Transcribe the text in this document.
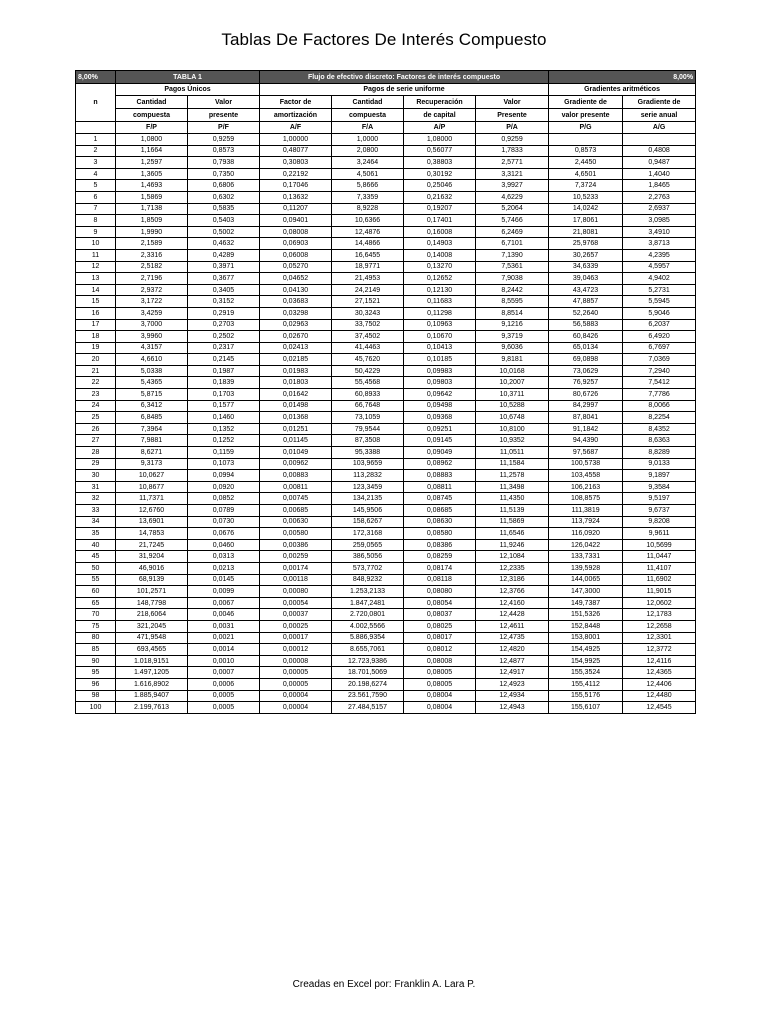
Tablas De Factores De Interés Compuesto
8,00%	TABLA 1		Flujo de efectivo discreto: Factores de interés compuesto				8,00%	
n	Pagos Únicos		Pagos de serie uniforme				Gradientes aritméticos	
	Cantidad	Valor	Factor de	Cantidad	Recuperación	Valor	Gradiente de	Gradiente de
	compuesta	presente	amortización	compuesta	de capital	Presente	valor presente	serie anual
	F/P	P/F	A/F	F/A	A/P	P/A	P/G	A/G
1	1,0800	0,9259	1,00000	1,0000	1,08000	0,9259		
2	1,1664	0,8573	0,48077	2,0800	0,56077	1,7833	0,8573	0,4808
3	1,2597	0,7938	0,30803	3,2464	0,38803	2,5771	2,4450	0,9487
4	1,3605	0,7350	0,22192	4,5061	0,30192	3,3121	4,6501	1,4040
5	1,4693	0,6806	0,17046	5,8666	0,25046	3,9927	7,3724	1,8465
6	1,5869	0,6302	0,13632	7,3359	0,21632	4,6229	10,5233	2,2763
7	1,7138	0,5835	0,11207	8,9228	0,19207	5,2064	14,0242	2,6937
8	1,8509	0,5403	0,09401	10,6366	0,17401	5,7466	17,8061	3,0985
9	1,9990	0,5002	0,08008	12,4876	0,16008	6,2469	21,8081	3,4910
10	2,1589	0,4632	0,06903	14,4866	0,14903	6,7101	25,9768	3,8713
11	2,3316	0,4289	0,06008	16,6455	0,14008	7,1390	30,2657	4,2395
12	2,5182	0,3971	0,05270	18,9771	0,13270	7,5361	34,6339	4,5957
13	2,7196	0,3677	0,04652	21,4953	0,12652	7,9038	39,0463	4,9402
14	2,9372	0,3405	0,04130	24,2149	0,12130	8,2442	43,4723	5,2731
15	3,1722	0,3152	0,03683	27,1521	0,11683	8,5595	47,8857	5,5945
16	3,4259	0,2919	0,03298	30,3243	0,11298	8,8514	52,2640	5,9046
17	3,7000	0,2703	0,02963	33,7502	0,10963	9,1216	56,5883	6,2037
18	3,9960	0,2502	0,02670	37,4502	0,10670	9,3719	60,8426	6,4920
19	4,3157	0,2317	0,02413	41,4463	0,10413	9,6036	65,0134	6,7697
20	4,6610	0,2145	0,02185	45,7620	0,10185	9,8181	69,0898	7,0369
21	5,0338	0,1987	0,01983	50,4229	0,09983	10,0168	73,0629	7,2940
22	5,4365	0,1839	0,01803	55,4568	0,09803	10,2007	76,9257	7,5412
23	5,8715	0,1703	0,01642	60,8933	0,09642	10,3711	80,6726	7,7786
24	6,3412	0,1577	0,01498	66,7648	0,09498	10,5288	84,2997	8,0066
25	6,8485	0,1460	0,01368	73,1059	0,09368	10,6748	87,8041	8,2254
26	7,3964	0,1352	0,01251	79,9544	0,09251	10,8100	91,1842	8,4352
27	7,9881	0,1252	0,01145	87,3508	0,09145	10,9352	94,4390	8,6363
28	8,6271	0,1159	0,01049	95,3388	0,09049	11,0511	97,5687	8,8289
29	9,3173	0,1073	0,00962	103,9659	0,08962	11,1584	100,5738	9,0133
30	10,0627	0,0994	0,00883	113,2832	0,08883	11,2578	103,4558	9,1897
31	10,8677	0,0920	0,00811	123,3459	0,08811	11,3498	106,2163	9,3584
32	11,7371	0,0852	0,00745	134,2135	0,08745	11,4350	108,8575	9,5197
33	12,6760	0,0789	0,00685	145,9506	0,08685	11,5139	111,3819	9,6737
34	13,6901	0,0730	0,00630	158,6267	0,08630	11,5869	113,7924	9,8208
35	14,7853	0,0676	0,00580	172,3168	0,08580	11,6546	116,0920	9,9611
40	21,7245	0,0460	0,00386	259,0565	0,08386	11,9246	126,0422	10,5699
45	31,9204	0,0313	0,00259	386,5056	0,08259	12,1084	133,7331	11,0447
50	46,9016	0,0213	0,00174	573,7702	0,08174	12,2335	139,5928	11,4107
55	68,9139	0,0145	0,00118	848,9232	0,08118	12,3186	144,0065	11,6902
60	101,2571	0,0099	0,00080	1.253,2133	0,08080	12,3766	147,3000	11,9015
65	148,7798	0,0067	0,00054	1.847,2481	0,08054	12,4160	149,7387	12,0602
70	218,6064	0,0046	0,00037	2.720,0801	0,08037	12,4428	151,5326	12,1783
75	321,2045	0,0031	0,00025	4.002,5566	0,08025	12,4611	152,8448	12,2658
80	471,9548	0,0021	0,00017	5.886,9354	0,08017	12,4735	153,8001	12,3301
85	693,4565	0,0014	0,00012	8.655,7061	0,08012	12,4820	154,4925	12,3772
90	1.018,9151	0,0010	0,00008	12.723,9386	0,08008	12,4877	154,9925	12,4116
95	1.497,1205	0,0007	0,00005	18.701,5069	0,08005	12,4917	155,3524	12,4365
96	1.616,8902	0,0006	0,00005	20.198,6274	0,08005	12,4923	155,4112	12,4406
98	1.885,9407	0,0005	0,00004	23.561,7590	0,08004	12,4934	155,5176	12,4480
100	2.199,7613	0,0005	0,00004	27.484,5157	0,08004	12,4943	155,6107	12,4545
Creadas en Excel por: Franklin A. Lara P.
